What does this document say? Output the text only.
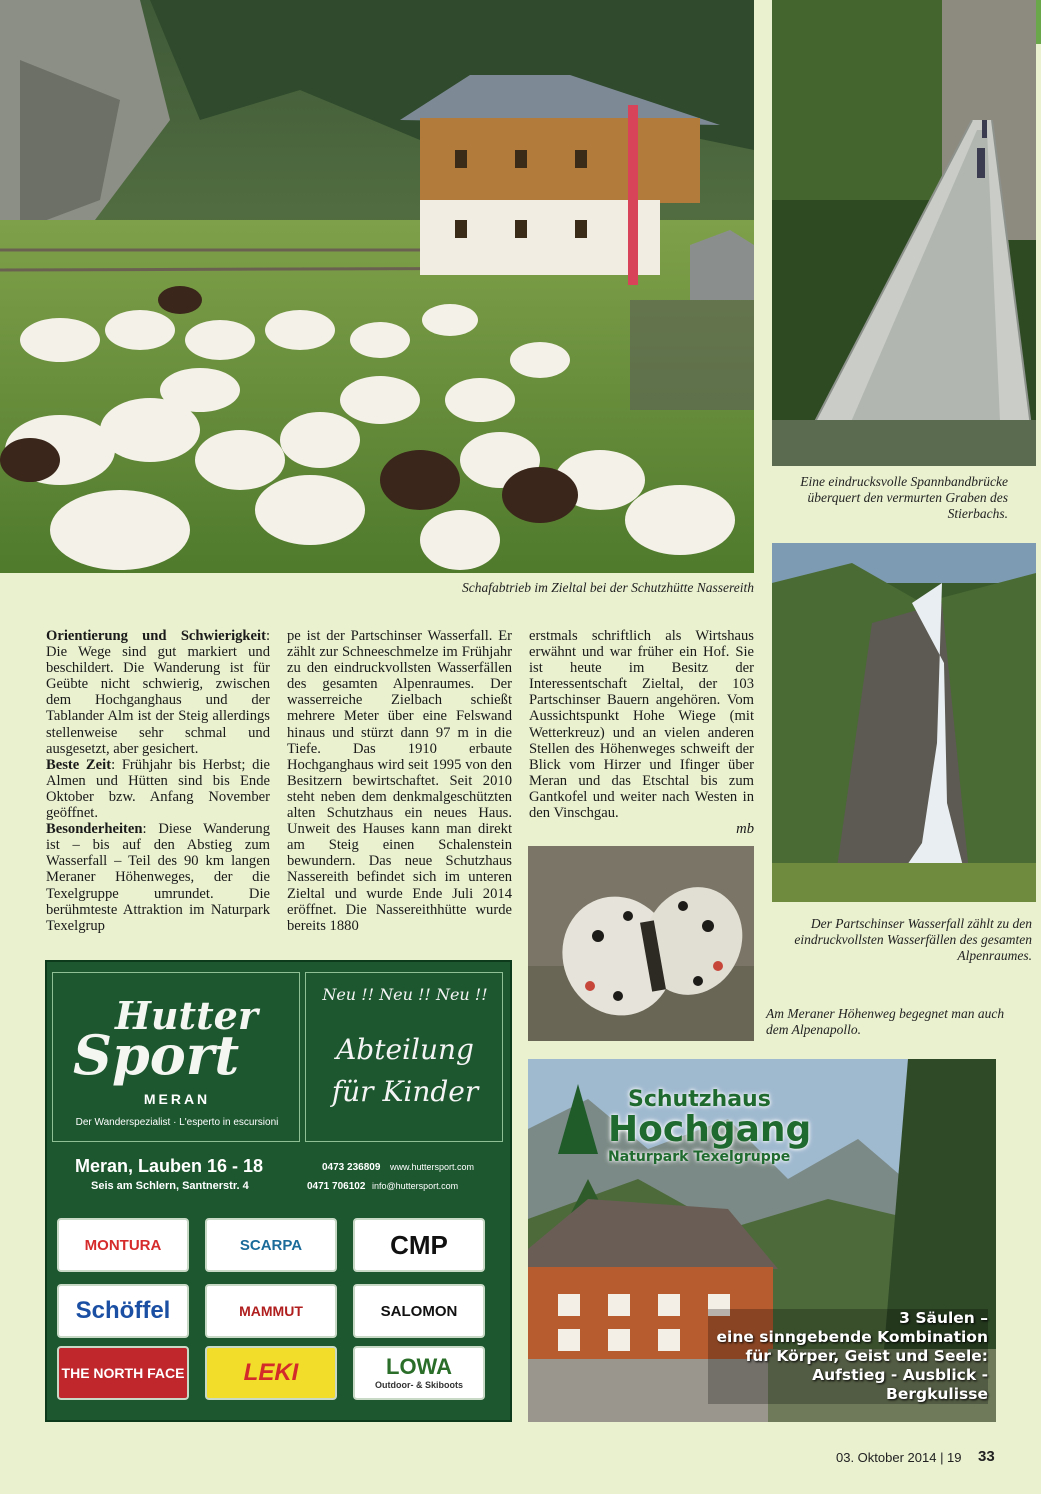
Schafabtrieb im Zieltal bei der Schutzhütte Nassereith
Eine eindrucksvolle Spannbandbrücke überquert den vermurten Graben des Stierbachs.
Der Partschinser Wasserfall zählt zu den eindruckvollsten Wasserfällen des gesamten Alpenraumes.
Am Meraner Höhenweg begegnet man auch dem Alpenapollo.

Orientierung und Schwierigkeit: Die Wege sind gut markiert und beschildert. Die Wanderung ist für Geübte nicht schwierig, zwischen dem Hochganghaus und der Tablander Alm ist der Steig allerdings stellenweise sehr schmal und ausgesetzt, aber gesichert.

Beste Zeit: Frühjahr bis Herbst; die Almen und Hütten sind bis Ende Oktober bzw. Anfang November geöffnet.

Besonderheiten: Diese Wanderung ist – bis auf den Abstieg zum Wasserfall – Teil des 90 km langen Meraner Höhenweges, der die Texelgruppe umrundet. Die berühmteste Attraktion im Naturpark Texelgrup

pe ist der Partschinser Wasserfall. Er zählt zur Schneeschmelze im Frühjahr zu den eindruckvollsten Wasserfällen des gesamten Alpenraumes. Der wasserreiche Zielbach schießt mehrere Meter über eine Felswand hinaus und stürzt dann 97 m in die Tiefe. Das 1910 erbaute Hochganghaus wird seit 1995 von den Besitzern bewirtschaftet. Seit 2010 steht neben dem denkmalgeschützten alten Schutzhaus ein neues Haus. Unweit des Hauses kann man direkt am Steig einen Schalenstein bewundern. Das neue Schutzhaus Nassereith befindet sich im unteren Zieltal und wurde Ende Juli 2014 eröffnet. Die Nassereithhütte wurde bereits 1880

erstmals schriftlich als Wirtshaus erwähnt und war früher ein Hof. Sie ist heute im Besitz der Interessentschaft Zieltal, der 103 Partschinser Bauern angehören. Vom Aussichtspunkt Hohe Wiege (mit Wetterkreuz) und an vielen anderen Stellen des Höhenweges schweift der Blick vom Hirzer und Ifinger über Meran und das Etschtal bis zum Gantkofel und weiter nach Westen in den Vinschgau.

mb

Hutter
Sport
MERAN
Der Wanderspezialist · L'esperto in escursioni
Neu !! Neu !! Neu !!
Abteilung
für Kinder
Meran, Lauben 16 - 18	0473 236809 www.huttersport.com
Seis am Schlern, Santnerstr. 4	0471 706102 info@huttersport.com
MONTURA	SCARPA	CMP
Schöffel	MAMMUT	SALOMON
THE NORTH FACE	LEKI	LOWA
Outdoor- & Skiboots
Schutzhaus
Hochgang
Naturpark Texelgruppe
3 Säulen –
eine sinngebende Kombination
für Körper, Geist und Seele:
Aufstieg - Ausblick - Bergkulisse
03. Oktober 2014 | 19 33
